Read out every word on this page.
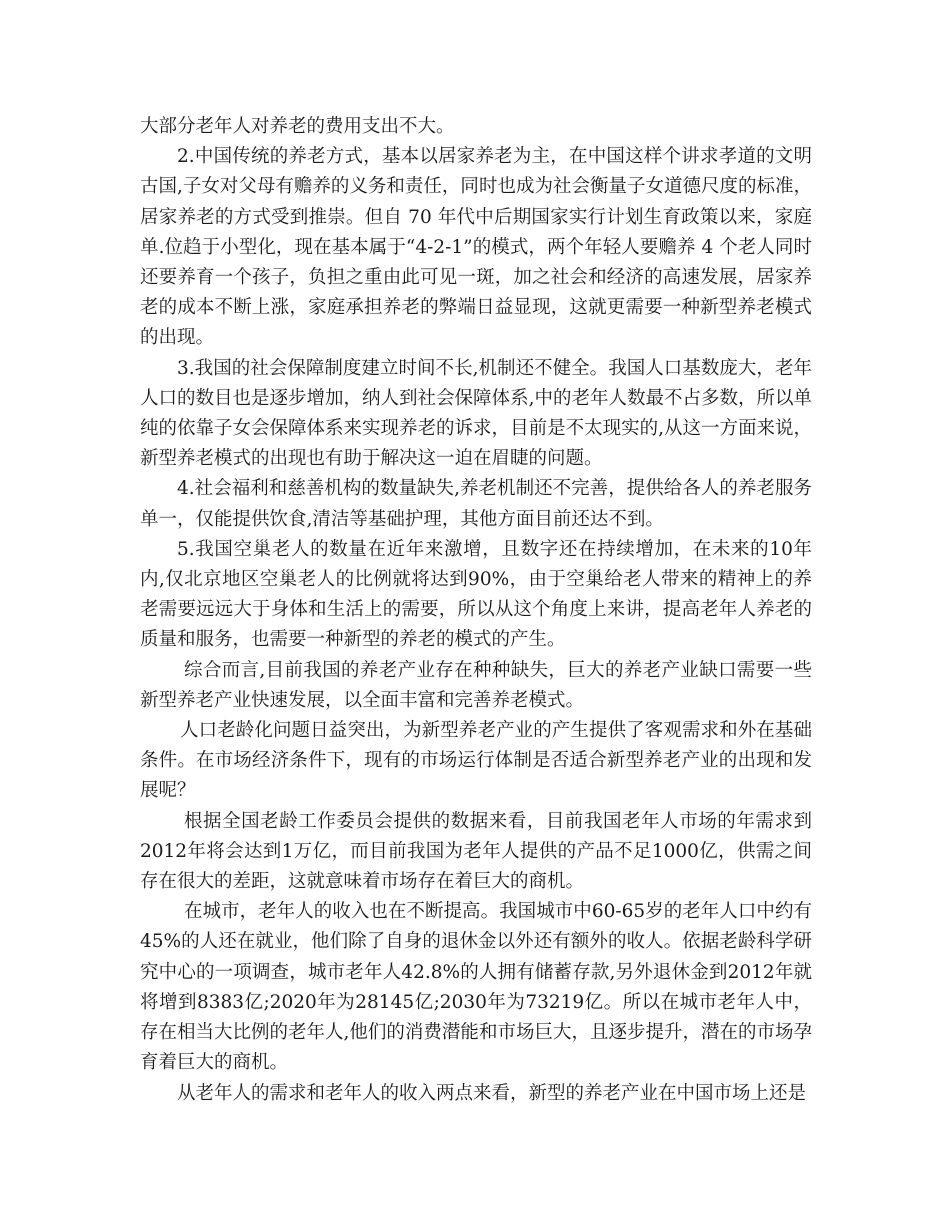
大部分老年人对养老的费用支出不大。

2.中国传统的养老方式，基本以居家养老为主，在中国这样个讲求孝道的文明古国,子女对父母有赡养的义务和责任，同时也成为社会衡量子女道德尺度的标准，居家养老的方式受到推崇。但自 70 年代中后期国家实行计划生育政策以来，家庭单.位趋于小型化，现在基本属于“4-2-1”的模式，两个年轻人要赡养 4 个老人同时还要养育一个孩子，负担之重由此可见一斑，加之社会和经济的高速发展，居家养老的成本不断上涨，家庭承担养老的弊端日益显现，这就更需要一种新型养老模式的出现。

3.我国的社会保障制度建立时间不长,机制还不健全。我国人口基数庞大，老年人口的数目也是逐步增加，纳人到社会保障体系,中的老年人数最不占多数，所以单纯的依靠子女会保障体系来实现养老的诉求，目前是不太现实的,从这一方面来说，新型养老模式的出现也有助于解决这一迫在眉睫的问题。

4.社会福利和慈善机构的数量缺失,养老机制还不完善，提供给各人的养老服务单一，仅能提供饮食,清洁等基础护理，其他方面目前还达不到。

5.我国空巢老人的数量在近年来激增，且数字还在持续增加，在未来的10年内,仅北京地区空巢老人的比例就将达到90%，由于空巢给老人带来的精神上的养老需要远远大于身体和生活上的需要，所以从这个角度上来讲，提高老年人养老的质量和服务，也需要一种新型的养老的模式的产生。

综合而言,目前我国的养老产业存在种种缺失，巨大的养老产业缺口需要一些新型养老产业快速发展，以全面丰富和完善养老模式。

人口老龄化问题日益突出，为新型养老产业的产生提供了客观需求和外在基础条件。在市场经济条件下，现有的市场运行体制是否适合新型养老产业的出现和发展呢？

根据全国老龄工作委员会提供的数据来看，目前我国老年人市场的年需求到2012年将会达到1万亿，而目前我国为老年人提供的产品不足1000亿，供需之间存在很大的差距，这就意味着市场存在着巨大的商机。

在城市，老年人的收入也在不断提高。我国城市中60-65岁的老年人口中约有45%的人还在就业，他们除了自身的退休金以外还有额外的收人。依据老龄科学研究中心的一项调查，城市老年人42.8%的人拥有储蓄存款,另外退休金到2012年就将增到8383亿;2020年为28145亿;2030年为73219亿。所以在城市老年人中，存在相当大比例的老年人,他们的消费潜能和市场巨大，且逐步提升，潜在的市场孕育着巨大的商机。

从老年人的需求和老年人的收入两点来看，新型的养老产业在中国市场上还是
